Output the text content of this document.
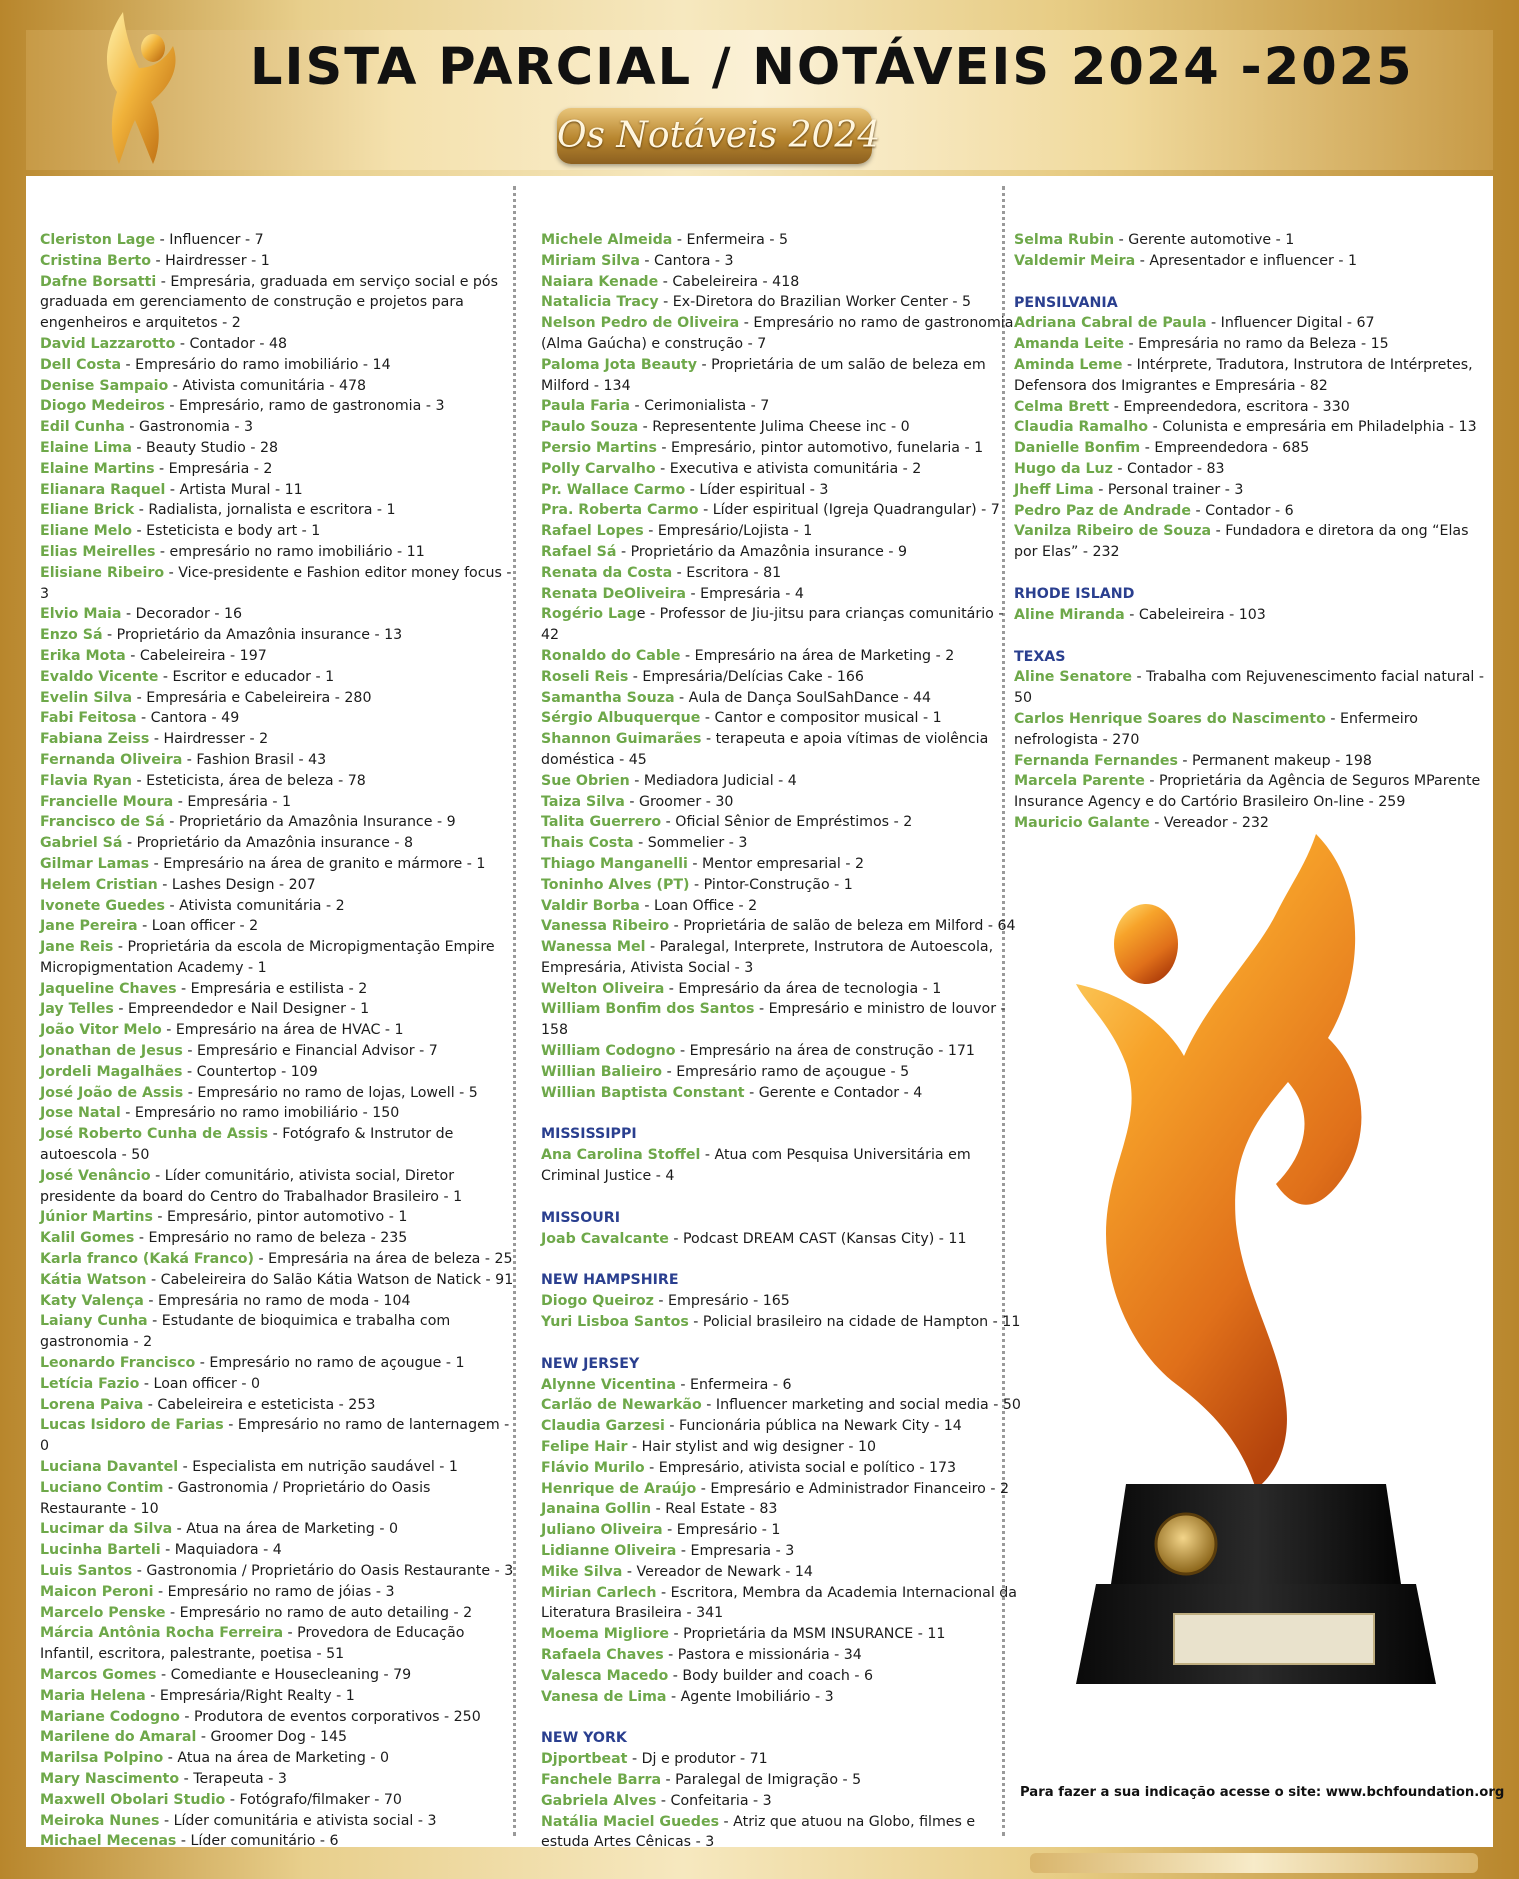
LISTA PARCIAL / NOTÁVEIS 2024 -2025
Os Notáveis 2024
Cleriston Lage - Influencer - 7
Cristina Berto - Hairdresser - 1
Dafne Borsatti - Empresária, graduada em serviço social e pós graduada em gerenciamento de construção e projetos para engenheiros e arquitetos - 2
David Lazzarotto - Contador - 48
Dell Costa - Empresário do ramo imobiliário - 14
Denise Sampaio - Ativista comunitária - 478
Diogo Medeiros - Empresário, ramo de gastronomia - 3
Edil Cunha - Gastronomia - 3
Elaine Lima - Beauty Studio - 28
Elaine Martins - Empresária - 2
Elianara Raquel - Artista Mural - 11
Eliane Brick - Radialista, jornalista e escritora - 1
Eliane Melo - Esteticista e body art - 1
Elias Meirelles - empresário no ramo imobiliário - 11
Elisiane Ribeiro - Vice-presidente e Fashion editor money focus - 3
Elvio Maia - Decorador - 16
Enzo Sá - Proprietário da Amazônia insurance - 13
Erika Mota - Cabeleireira - 197
Evaldo Vicente - Escritor e educador - 1
Evelin Silva - Empresária e Cabeleireira - 280
Fabi Feitosa - Cantora - 49
Fabiana Zeiss - Hairdresser - 2
Fernanda Oliveira - Fashion Brasil - 43
Flavia Ryan - Esteticista, área de beleza - 78
Francielle Moura - Empresária - 1
Francisco de Sá - Proprietário da Amazônia Insurance - 9
Gabriel Sá - Proprietário da Amazônia insurance - 8
Gilmar Lamas - Empresário na área de granito e mármore - 1
Helem Cristian - Lashes Design - 207
Ivonete Guedes - Ativista comunitária - 2
Jane Pereira - Loan officer - 2
Jane Reis - Proprietária da escola de Micropigmentação Empire Micropigmentation Academy - 1
Jaqueline Chaves - Empresária e estilista - 2
Jay Telles - Empreendedor e Nail Designer - 1
João Vitor Melo - Empresário na área de HVAC - 1
Jonathan de Jesus - Empresário e Financial Advisor - 7
Jordeli Magalhães - Countertop - 109
José João de Assis - Empresário no ramo de lojas, Lowell - 5
Jose Natal - Empresário no ramo imobiliário - 150
José Roberto Cunha de Assis - Fotógrafo & Instrutor de autoescola - 50
José Venâncio - Líder comunitário, ativista social, Diretor presidente da board do Centro do Trabalhador Brasileiro - 1
Júnior Martins - Empresário, pintor automotivo - 1
Kalil Gomes - Empresário no ramo de beleza - 235
Karla franco (Kaká Franco) - Empresária na área de beleza - 25
Kátia Watson - Cabeleireira do Salão Kátia Watson de Natick - 91
Katy Valença - Empresária no ramo de moda - 104
Laiany Cunha - Estudante de bioquimica e trabalha com gastronomia - 2
Leonardo Francisco - Empresário no ramo de açougue - 1
Letícia Fazio - Loan officer - 0
Lorena Paiva - Cabeleireira e esteticista - 253
Lucas Isidoro de Farias - Empresário no ramo de lanternagem - 0
Luciana Davantel - Especialista em nutrição saudável - 1
Luciano Contim - Gastronomia / Proprietário do Oasis Restaurante - 10
Lucimar da Silva - Atua na área de Marketing - 0
Lucinha Barteli - Maquiadora - 4
Luis Santos - Gastronomia / Proprietário do Oasis Restaurante - 3
Maicon Peroni - Empresário no ramo de jóias - 3
Marcelo Penske - Empresário no ramo de auto detailing - 2
Márcia Antônia Rocha Ferreira - Provedora de Educação Infantil, escritora, palestrante, poetisa - 51
Marcos Gomes - Comediante e Housecleaning - 79
Maria Helena - Empresária/Right Realty - 1
Mariane Codogno - Produtora de eventos corporativos - 250
Marilene do Amaral - Groomer Dog - 145
Marilsa Polpino - Atua na área de Marketing - 0
Mary Nascimento - Terapeuta - 3
Maxwell Obolari Studio - Fotógrafo/filmaker - 70
Meiroka Nunes - Líder comunitária e ativista social - 3
Michael Mecenas - Líder comunitário - 6
Michele Almeida - Enfermeira - 5
Miriam Silva - Cantora - 3
Naiara Kenade - Cabeleireira - 418
Natalicia Tracy - Ex-Diretora do Brazilian Worker Center - 5
Nelson Pedro de Oliveira - Empresário no ramo de gastronomia (Alma Gaúcha) e construção - 7
Paloma Jota Beauty - Proprietária de um salão de beleza em Milford - 134
Paula Faria - Cerimonialista - 7
Paulo Souza - Representente Julima Cheese inc - 0
Persio Martins - Empresário, pintor automotivo, funelaria - 1
Polly Carvalho - Executiva e ativista comunitária - 2
Pr. Wallace Carmo - Líder espiritual - 3
Pra. Roberta Carmo - Líder espiritual (Igreja Quadrangular) - 7
Rafael Lopes - Empresário/Lojista - 1
Rafael Sá - Proprietário da Amazônia insurance - 9
Renata da Costa - Escritora - 81
Renata DeOliveira - Empresária - 4
Rogério Lage - Professor de Jiu-jitsu para crianças comunitário - 42
Ronaldo do Cable - Empresário na área de Marketing - 2
Roseli Reis - Empresária/Delícias Cake - 166
Samantha Souza - Aula de Dança SoulSahDance - 44
Sérgio Albuquerque - Cantor e compositor musical - 1
Shannon Guimarães - terapeuta e apoia vítimas de violência doméstica - 45
Sue Obrien - Mediadora Judicial - 4
Taiza Silva - Groomer - 30
Talita Guerrero - Oficial Sênior de Empréstimos - 2
Thais Costa - Sommelier - 3
Thiago Manganelli - Mentor empresarial - 2
Toninho Alves (PT) - Pintor-Construção - 1
Valdir Borba - Loan Office - 2
Vanessa Ribeiro - Proprietária de salão de beleza em Milford - 64
Wanessa Mel - Paralegal, Interprete, Instrutora de Autoescola, Empresária, Ativista Social - 3
Welton Oliveira - Empresário da área de tecnologia - 1
William Bonfim dos Santos - Empresário e ministro de louvor - 158
William Codogno - Empresário na área de construção - 171
Willian Balieiro - Empresário ramo de açougue - 5
Willian Baptista Constant - Gerente e Contador - 4
MISSISSIPPI
Ana Carolina Stoffel - Atua com Pesquisa Universitária em Criminal Justice - 4
MISSOURI
Joab Cavalcante - Podcast DREAM CAST (Kansas City) - 11
NEW HAMPSHIRE
Diogo Queiroz - Empresário - 165
Yuri Lisboa Santos - Policial brasileiro na cidade de Hampton - 11
NEW JERSEY
Alynne Vicentina - Enfermeira - 6
Carlão de Newarkão - Influencer marketing and social media - 50
Claudia Garzesi - Funcionária pública na Newark City - 14
Felipe Hair - Hair stylist and wig designer - 10
Flávio Murilo - Empresário, ativista social e político - 173
Henrique de Araújo - Empresário e Administrador Financeiro - 2
Janaina Gollin - Real Estate - 83
Juliano Oliveira - Empresário - 1
Lidianne Oliveira - Empresaria - 3
Mike Silva - Vereador de Newark - 14
Mirian Carlech - Escritora, Membra da Academia Internacional da Literatura Brasileira - 341
Moema Migliore - Proprietária da MSM INSURANCE - 11
Rafaela Chaves - Pastora e missionária - 34
Valesca Macedo - Body builder and coach - 6
Vanesa de Lima - Agente Imobiliário - 3
NEW YORK
Djportbeat - Dj e produtor - 71
Fanchele Barra - Paralegal de Imigração - 5
Gabriela Alves - Confeitaria - 3
Natália Maciel Guedes - Atriz que atuou na Globo, filmes e estuda Artes Cênicas - 3
Selma Rubin - Gerente automotive - 1
Valdemir Meira - Apresentador e influencer - 1
PENSILVANIA
Adriana Cabral de Paula - Influencer Digital - 67
Amanda Leite - Empresária no ramo da Beleza - 15
Aminda Leme - Intérprete, Tradutora, Instrutora de Intérpretes, Defensora dos Imigrantes e Empresária - 82
Celma Brett - Empreendedora, escritora - 330
Claudia Ramalho - Colunista e empresária em Philadelphia - 13
Danielle Bonfim - Empreendedora - 685
Hugo da Luz - Contador - 83
Jheff Lima - Personal trainer - 3
Pedro Paz de Andrade - Contador - 6
Vanilza Ribeiro de Souza - Fundadora e diretora da ong “Elas por Elas” - 232
RHODE ISLAND
Aline Miranda - Cabeleireira - 103
TEXAS
Aline Senatore - Trabalha com Rejuvenescimento facial natural - 50
Carlos Henrique Soares do Nascimento - Enfermeiro nefrologista - 270
Fernanda Fernandes - Permanent makeup - 198
Marcela Parente - Proprietária da Agência de Seguros MParente Insurance Agency e do Cartório Brasileiro On-line - 259
Mauricio Galante - Vereador - 232
Para fazer a sua indicação acesse o site: www.bchfoundation.org
